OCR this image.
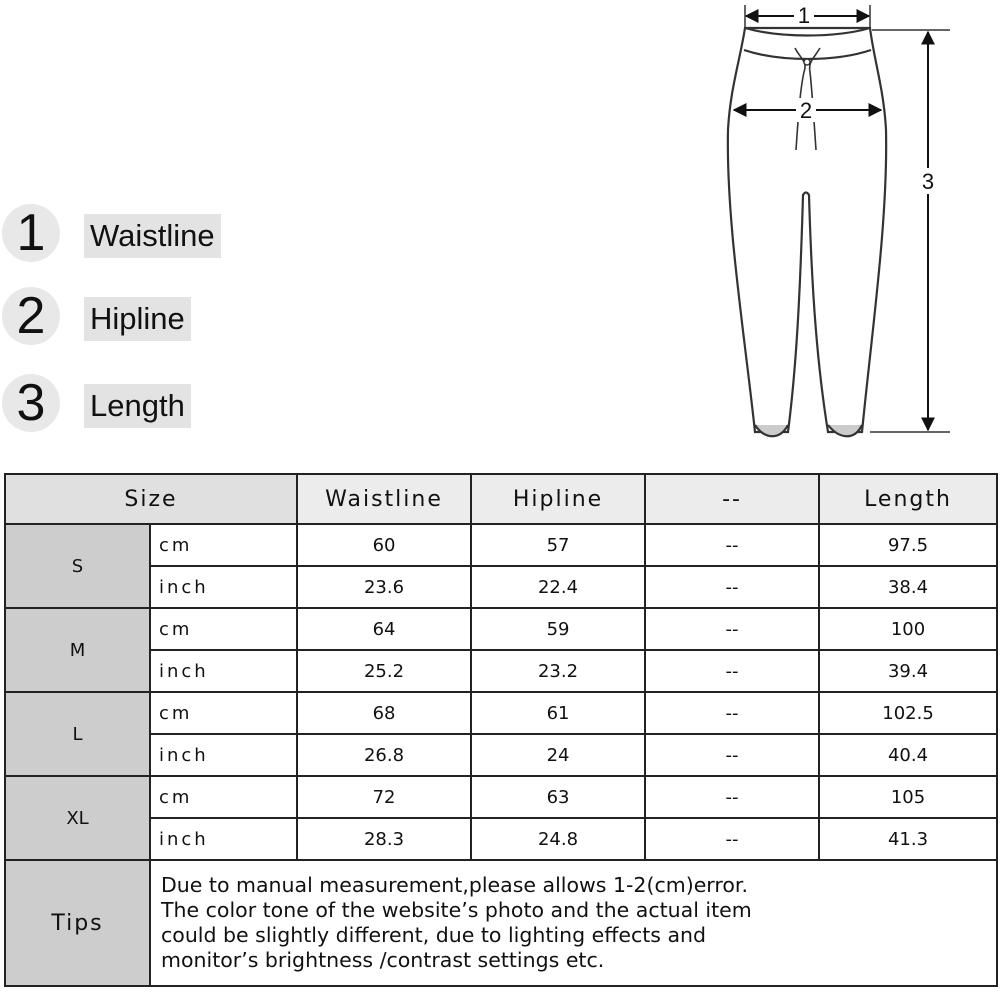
1	Waistline
2	Hipline
3	Length
1
2
3
Size		Waistline	Hipline	--	Length
S	cm	60	57	--	97.5
	inch	23.6	22.4	--	38.4
M	cm	64	59	--	100
	inch	25.2	23.2	--	39.4
L	cm	68	61	--	102.5
	inch	26.8	24	--	40.4
XL	cm	72	63	--	105
	inch	28.3	24.8	--	41.3
Tips	Due to manual measurement,please allows 1-2(cm)error.
The color tone of the website’s photo and the actual item
could be slightly different, due to lighting effects and
monitor’s brightness /contrast settings etc.				
